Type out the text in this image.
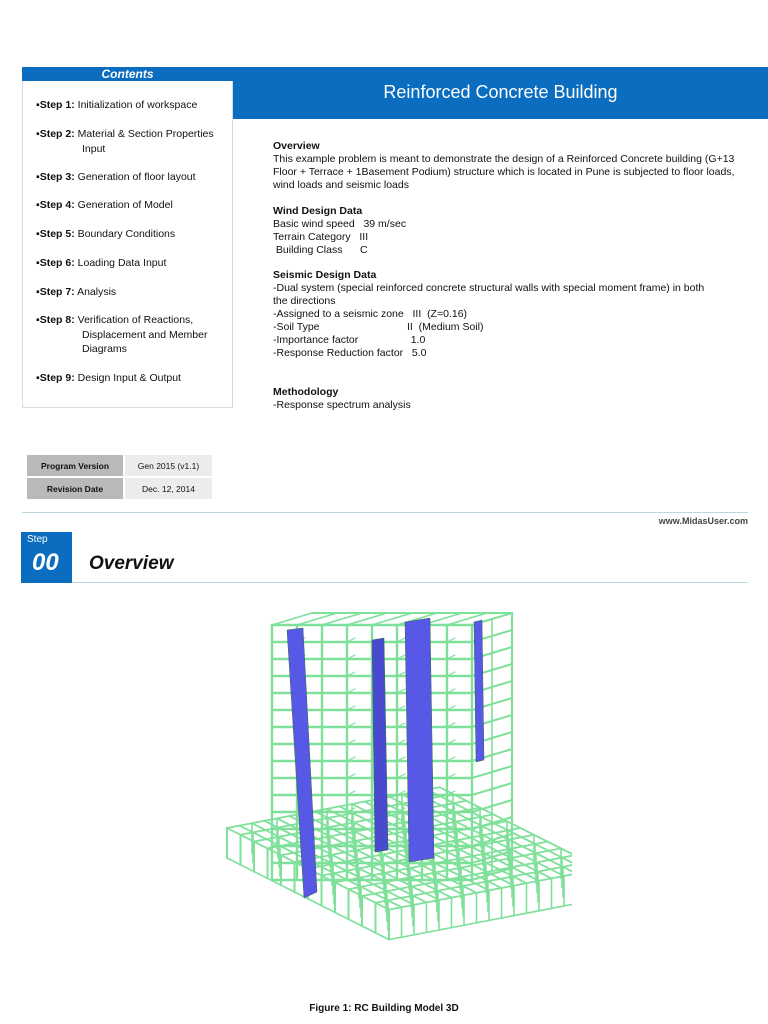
Contents
▪Step 1: Initialization of workspace
▪Step 2: Material & Section Properties
Input
▪Step 3: Generation of floor layout
▪Step 4: Generation of Model
▪Step 5: Boundary Conditions
▪Step 6: Loading Data Input
▪Step 7: Analysis
▪Step 8: Verification of Reactions,
Displacement and Member
Diagrams
▪Step 9: Design Input & Output
Reinforced Concrete Building
Overview
This example problem is meant to demonstrate the design of a Reinforced Concrete building (G+13 Floor + Terrace + 1Basement Podium) structure which is located in Pune is subjected to floor loads, wind loads and seismic loads
Wind Design Data
Basic wind speed   39 m/sec
Terrain Category   III
Building Class      C
Seismic Design Data
-Dual system (special reinforced concrete structural walls with special moment frame) in both
the directions
-Assigned to a seismic zone   III  (Z=0.16)
-Soil Type                              II  (Medium Soil)
-Importance factor                  1.0
-Response Reduction factor   5.0
Methodology
-Response spectrum analysis
Program Version	Gen 2015 (v1.1)
Revision Date	Dec. 12, 2014
www.MidasUser.com
Step
00 Overview
Figure 1: RC Building Model 3D
